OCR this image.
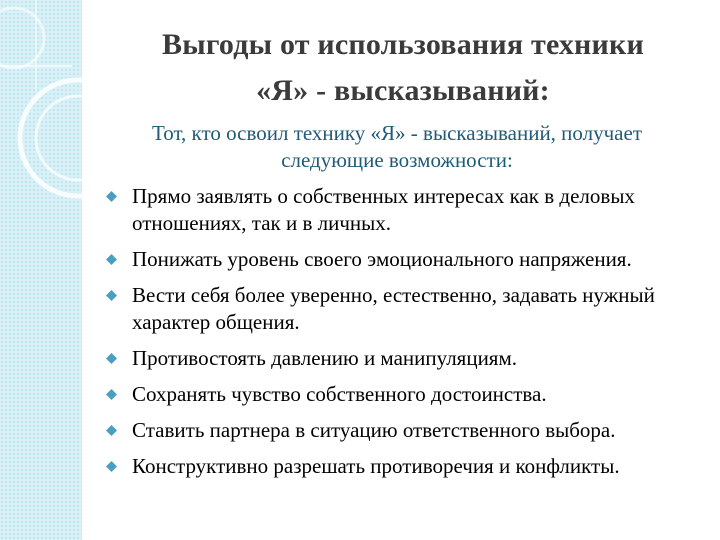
Выгоды от использования техники
«Я» - высказываний:
Тот, кто освоил технику «Я» - высказываний, получает следующие возможности:
Прямо заявлять о собственных интересах как в деловых отношениях, так и в личных.
Понижать уровень своего эмоционального напряжения.
Вести себя более уверенно, естественно, задавать нужный характер общения.
Противостоять давлению и манипуляциям.
Сохранять чувство собственного достоинства.
Ставить партнера в ситуацию ответственного выбора.
Конструктивно разрешать противоречия и конфликты.
